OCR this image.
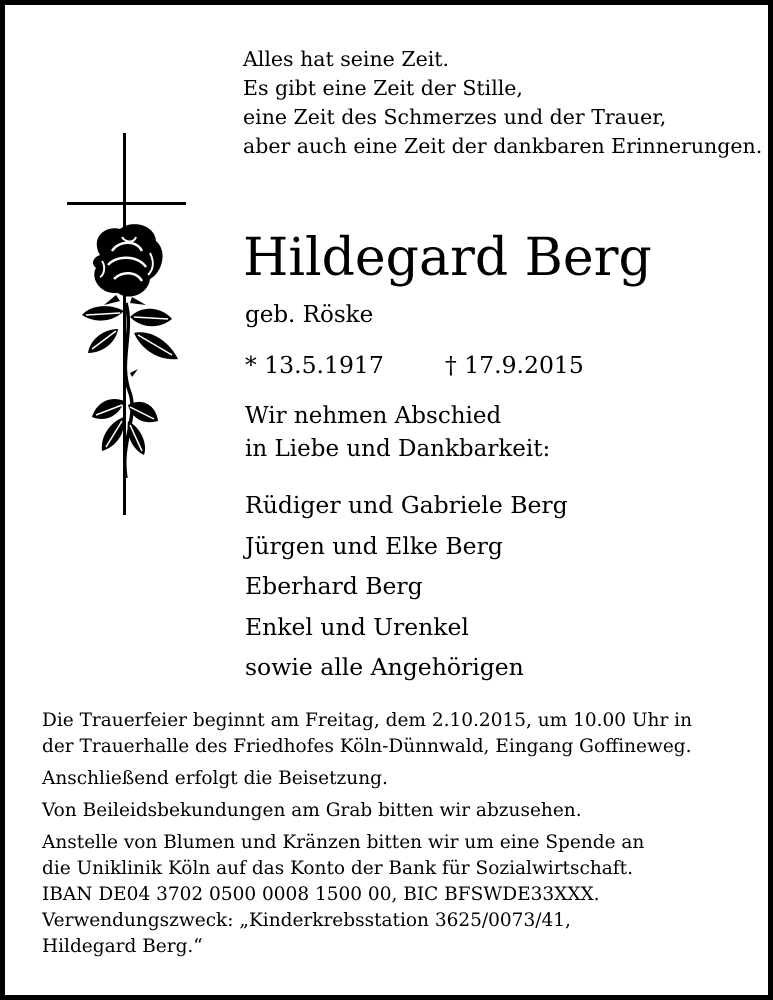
Alles hat seine Zeit.
Es gibt eine Zeit der Stille,
eine Zeit des Schmerzes und der Trauer,
aber auch eine Zeit der dankbaren Erinnerungen.
Hildegard Berg
geb. Röske
* 13.5.1917	† 17.9.2015
Wir nehmen Abschied
in Liebe und Dankbarkeit:
Rüdiger und Gabriele Berg
Jürgen und Elke Berg
Eberhard Berg
Enkel und Urenkel
sowie alle Angehörigen
Die Trauerfeier beginnt am Freitag, dem 2.10.2015, um 10.00 Uhr in
der Trauerhalle des Friedhofes Köln-Dünnwald, Eingang Goffineweg.
Anschließend erfolgt die Beisetzung.
Von Beileidsbekundungen am Grab bitten wir abzusehen.
Anstelle von Blumen und Kränzen bitten wir um eine Spende an
die Uniklinik Köln auf das Konto der Bank für Sozialwirtschaft.
IBAN DE04 3702 0500 0008 1500 00, BIC BFSWDE33XXX.
Verwendungszweck: „Kinderkrebsstation 3625/0073/41,
Hildegard Berg.“
